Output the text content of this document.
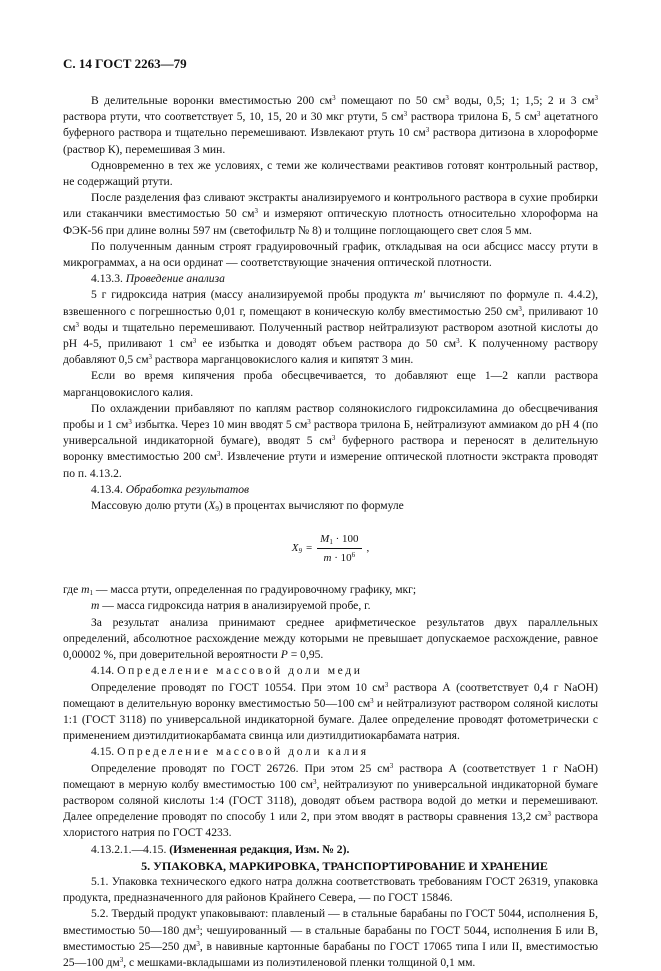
С. 14 ГОСТ 2263—79

В делительные воронки вместимостью 200 $см^3$ помещают по 50 $см^3$ воды, 0,5; 1; 1,5; 2 и 3 $см^3$ раствора ртути, что соответствует 5, 10, 15, 20 и 30 мкг ртути, 5 $см^3$ раствора трилона Б, 5 $см^3$ ацетатного буферного раствора и тщательно перемешивают. Извлекают ртуть 10 $см^3$ раствора дитизона в хлороформе (раствор К), перемешивая 3 мин.

Одновременно в тех же условиях, с теми же количествами реактивов готовят контрольный раствор, не содержащий ртути.

После разделения фаз сливают экстракты анализируемого и контрольного раствора в сухие пробирки или стаканчики вместимостью 50 $см^3$ и измеряют оптическую плотность относительно хлороформа на ФЭК-56 при длине волны 597 нм (светофильтр № 8) и толщине поглощающего свет слоя 5 мм.

По полученным данным строят градуировочный график, откладывая на оси абсцисс массу ртути в микрограммах, а на оси ординат — соответствующие значения оптической плотности.

4.13.3. Проведение анализа

5 г гидроксида натрия (массу анализируемой пробы продукта m′ вычисляют по формуле п. 4.4.2), взвешенного с погрешностью 0,01 г, помещают в коническую колбу вместимостью 250 $см^3$, приливают 10 $см^3$ воды и тщательно перемешивают. Полученный раствор нейтрализуют раствором азотной кислоты до pH 4-5, приливают 1 $см^3$ ее избытка и доводят объем раствора до 50 $см^3$. К полученному раствору добавляют 0,5 $см^3$ раствора марганцовокислого калия и кипятят 3 мин.

Если во время кипячения проба обесцвечивается, то добавляют еще 1—2 капли раствора марганцовокислого калия.

По охлаждении прибавляют по каплям раствор солянокислого гидроксиламина до обесцвечивания пробы и 1 $см^3$ избытка. Через 10 мин вводят 5 $см^3$ раствора трилона Б, нейтрализуют аммиаком до pH 4 (по универсальной индикаторной бумаге), вводят 5 $см^3$ буферного раствора и переносят в делительную воронку вместимостью 200 $см^3$. Извлечение ртути и измерение оптической плотности экстракта проводят по п. 4.13.2.

4.13.4. Обработка результатов

Массовую долю ртути $(X_9)$ в процентах вычисляют по формуле

$X_9 = \frac{M_1 \cdot 100}{m \cdot 10^6}$ ,

где $m_1$ — масса ртути, определенная по градуировочному графику, мкг;

m — масса гидроксида натрия в анализируемой пробе, г.

За результат анализа принимают среднее арифметическое результатов двух параллельных определений, абсолютное расхождение между которыми не превышает допускаемое расхождение, равное 0,00002 %, при доверительной вероятности P = 0,95.

4.14. Определение массовой доли меди

Определение проводят по ГОСТ 10554. При этом 10 $см^3$ раствора А (соответствует 0,4 г NaOH) помещают в делительную воронку вместимостью 50—100 $см^3$ и нейтрализуют раствором соляной кислоты 1:1 (ГОСТ 3118) по универсальной индикаторной бумаге. Далее определение проводят фотометрически с применением диэтилдитиокарбамата свинца или диэтилдитиокарбамата натрия.

4.15. Определение массовой доли калия

Определение проводят по ГОСТ 26726. При этом 25 $см^3$ раствора А (соответствует 1 г NaOH) помещают в мерную колбу вместимостью 100 $см^3$, нейтрализуют по универсальной индикаторной бумаге раствором соляной кислоты 1:4 (ГОСТ 3118), доводят объем раствора водой до метки и перемешивают. Далее определение проводят по способу 1 или 2, при этом вводят в растворы сравнения 13,2 $см^3$ раствора хлористого натрия по ГОСТ 4233.

4.13.2.1.—4.15. (Измененная редакция, Изм. № 2).

5. УПАКОВКА, МАРКИРОВКА, ТРАНСПОРТИРОВАНИЕ И ХРАНЕНИЕ

5.1. Упаковка технического едкого натра должна соответствовать требованиям ГОСТ 26319, упаковка продукта, предназначенного для районов Крайнего Севера, — по ГОСТ 15846.

5.2. Твердый продукт упаковывают: плавленый — в стальные барабаны по ГОСТ 5044, исполнения Б, вместимостью 50—180 $дм^3$; чешуированный — в стальные барабаны по ГОСТ 5044, исполнения Б или В, вместимостью 25—250 $дм^3$, в навивные картонные барабаны по ГОСТ 17065 типа I или II, вместимостью 25—100 $дм^3$, с мешками-вкладышами из полиэтиленовой пленки толщиной 0,1 мм.
